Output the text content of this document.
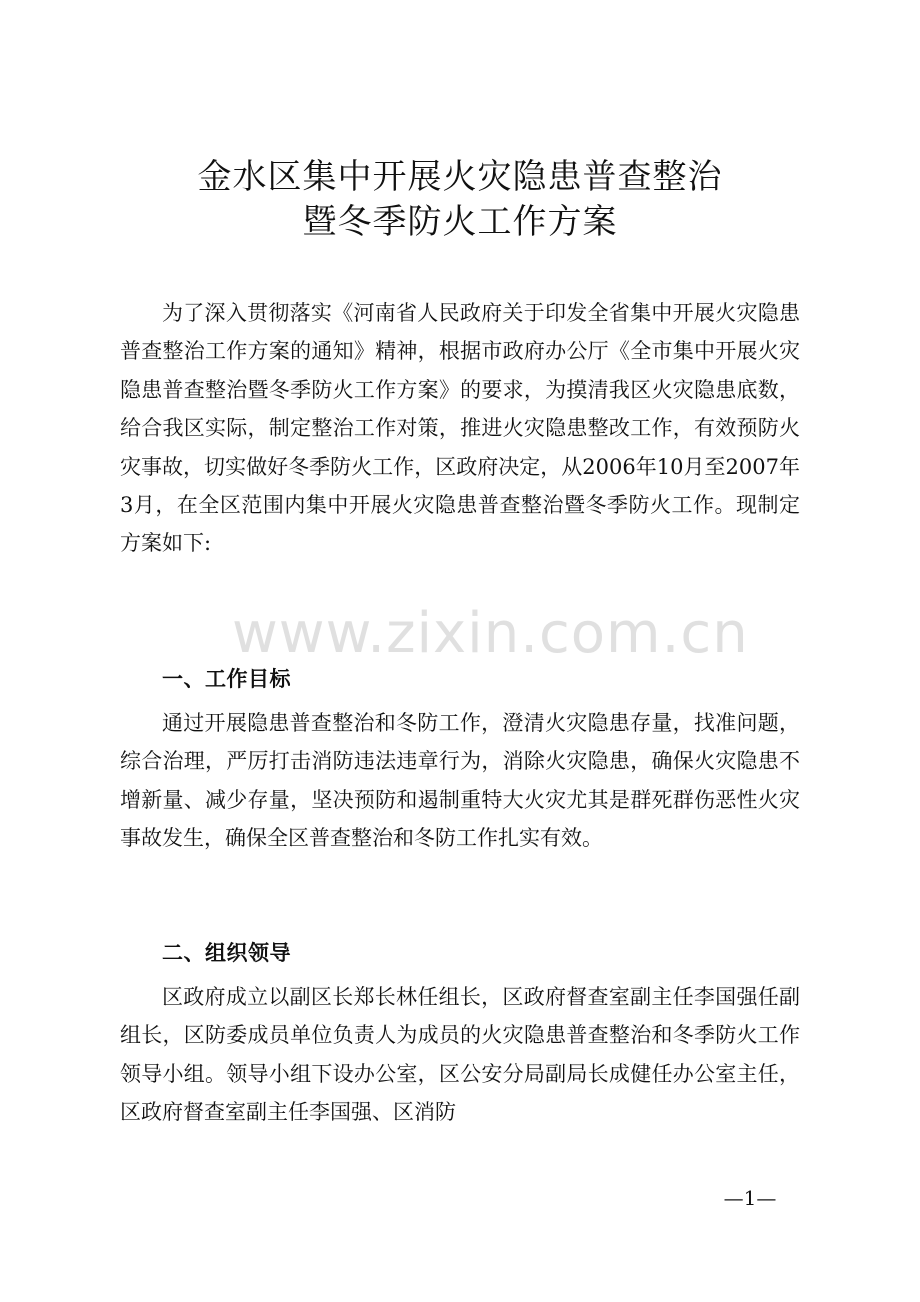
金水区集中开展火灾隐患普查整治
暨冬季防火工作方案

为了深入贯彻落实《河南省人民政府关于印发全省集中开展火灾隐患普查整治工作方案的通知》精神，根据市政府办公厅《全市集中开展火灾隐患普查整治暨冬季防火工作方案》的要求，为摸清我区火灾隐患底数，给合我区实际，制定整治工作对策，推进火灾隐患整改工作，有效预防火灾事故，切实做好冬季防火工作，区政府决定，从2006年10月至2007年3月，在全区范围内集中开展火灾隐患普查整治暨冬季防火工作。现制定方案如下:

一、工作目标

通过开展隐患普查整治和冬防工作，澄清火灾隐患存量，找准问题，综合治理，严厉打击消防违法违章行为，消除火灾隐患，确保火灾隐患不增新量、减少存量，坚决预防和遏制重特大火灾尤其是群死群伤恶性火灾事故发生，确保全区普查整治和冬防工作扎实有效。

二、组织领导

区政府成立以副区长郑长林任组长，区政府督查室副主任李国强任副组长，区防委成员单位负责人为成员的火灾隐患普查整治和冬季防火工作领导小组。领导小组下设办公室，区公安分局副局长成健任办公室主任，区政府督查室副主任李国强、区消防

www.zixin.com.cn
—1—
